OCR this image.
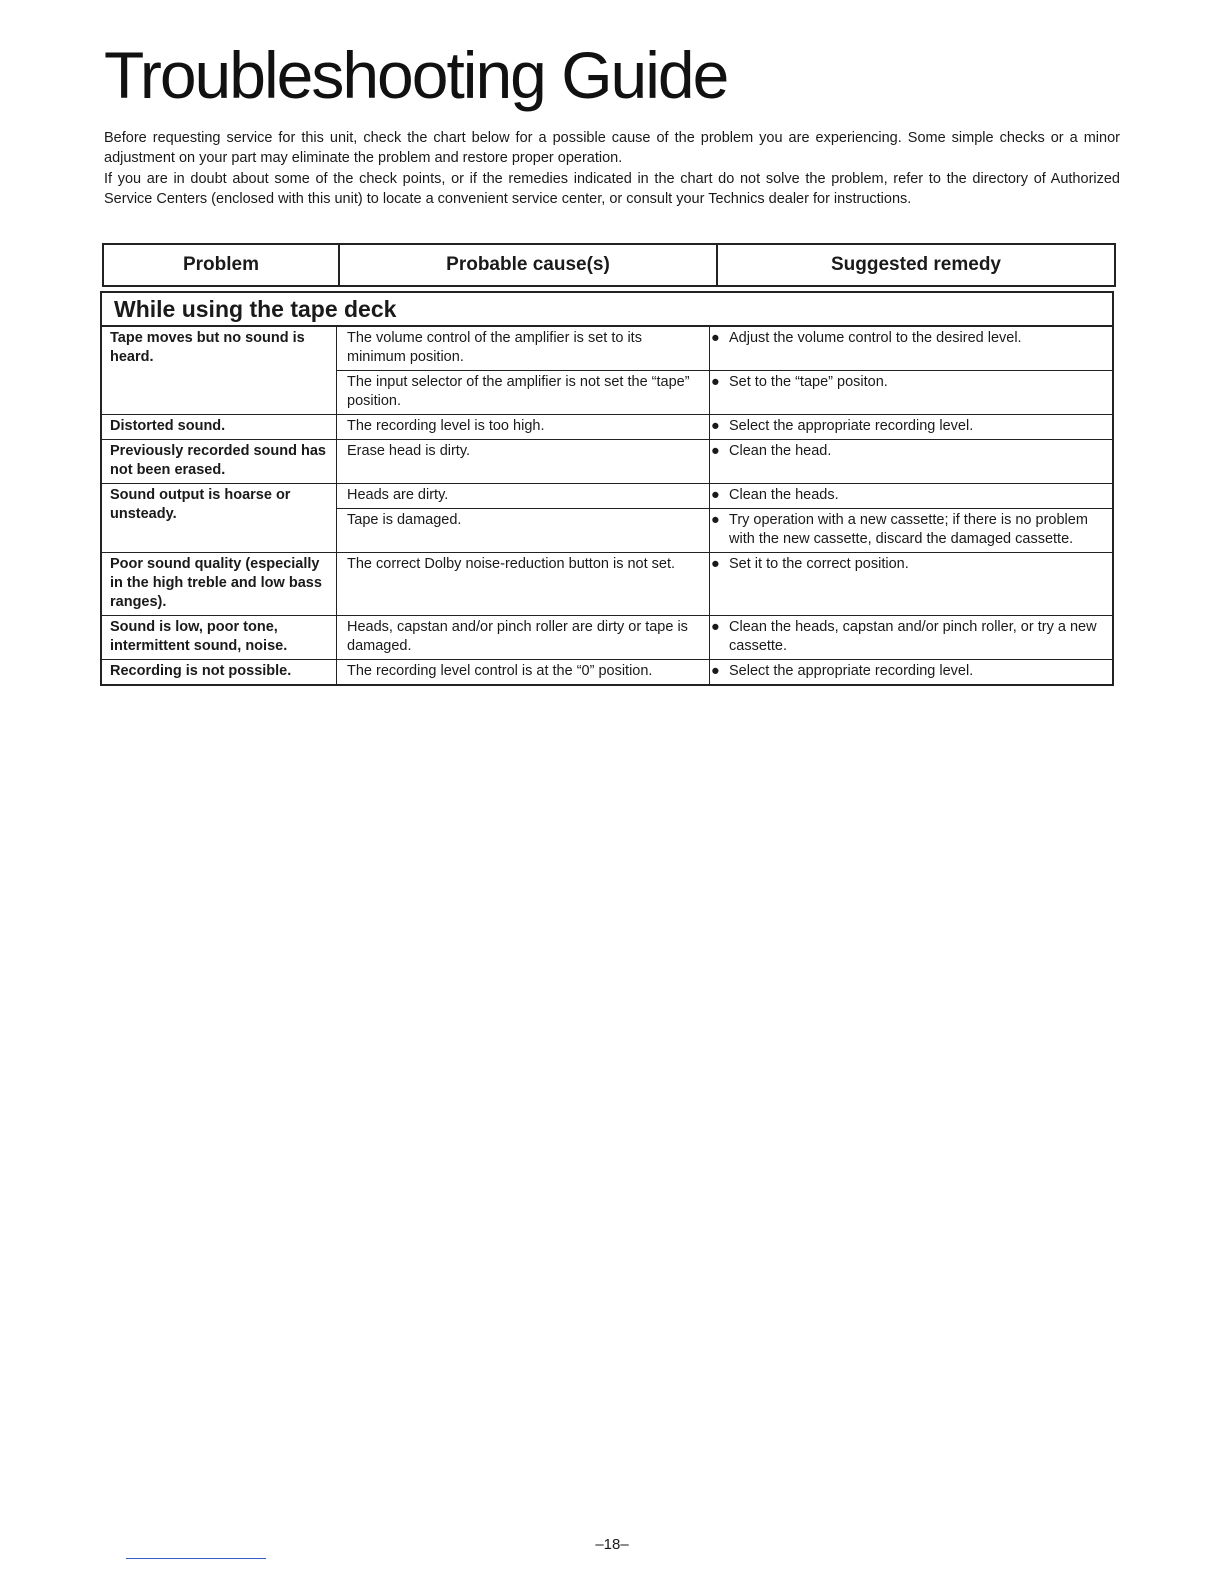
Troubleshooting Guide

Before requesting service for this unit, check the chart below for a possible cause of the problem you are experiencing. Some simple checks or a minor adjustment on your part may eliminate the problem and restore proper operation.

If you are in doubt about some of the check points, or if the remedies indicated in the chart do not solve the problem, refer to the directory of Authorized Service Centers (enclosed with this unit) to locate a convenient service center, or consult your Technics dealer for instructions.

Problem	Probable cause(s)	Suggested remedy
While using the tape deck
Tape moves but no sound is heard.	The volume control of the amplifier is set to its minimum position.	● Adjust the volume control to the desired level.

	The input selector of the amplifier is not set the “tape” position.	● Set to the “tape” positon.

Distorted sound.	The recording level is too high.	● Select the appropriate recording level.

Previously recorded sound has not been erased.	Erase head is dirty.	● Clean the head.

Sound output is hoarse or unsteady.	Heads are dirty.	● Clean the heads.

	Tape is damaged.	● Try operation with a new cassette; if there is no problem with the new cassette, discard the damaged cassette.

Poor sound quality (especially in the high treble and low bass ranges).	The correct Dolby noise-reduction button is not set.	● Set it to the correct position.

Sound is low, poor tone, intermittent sound, noise.	Heads, capstan and/or pinch roller are dirty or tape is damaged.	● Clean the heads, capstan and/or pinch roller, or try a new cassette.

Recording is not possible.	The recording level control is at the “0” position.	● Select the appropriate recording level.
–18–
